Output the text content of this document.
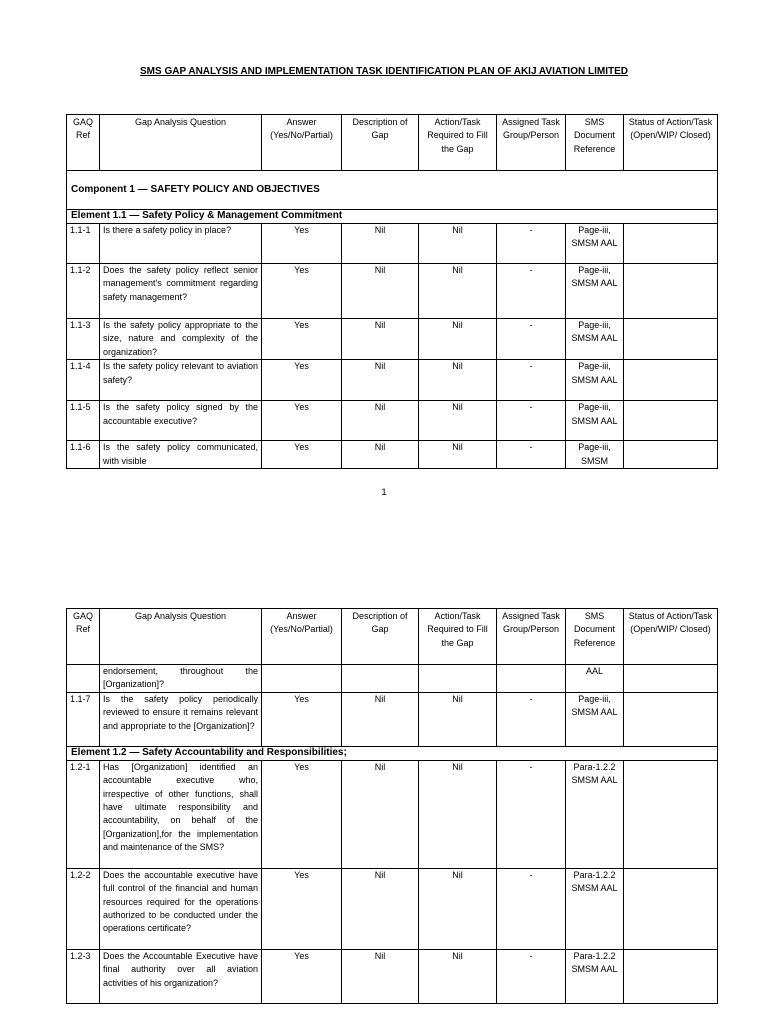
SMS GAP ANALYSIS AND IMPLEMENTATION TASK IDENTIFICATION PLAN OF AKIJ AVIATION LIMITED
GAQ Ref	Gap Analysis Question	Answer (Yes/No/Partial)	Description of Gap	Action/Task Required to Fill the Gap	Assigned Task Group/Person	SMS Document Reference	Status of Action/Task (Open/WIP/ Closed)
Component 1 — SAFETY POLICY AND OBJECTIVES							
Element 1.1 — Safety Policy & Management Commitment							
1.1-1	Is there a safety policy in place?	Yes	Nil	Nil	-	Page-iii, SMSM AAL	
1.1-2	Does the safety policy reflect senior management's commitment regarding safety management?	Yes	Nil	Nil	-	Page-iii, SMSM AAL	
1.1-3	Is the safety policy appropriate to the size, nature and complexity of the organization?	Yes	Nil	Nil	-	Page-iii, SMSM AAL	
1.1-4	Is the safety policy relevant to aviation safety?	Yes	Nil	Nil	-	Page-iii, SMSM AAL	
1.1-5	Is the safety policy signed by the accountable executive?	Yes	Nil	Nil	-	Page-iii, SMSM AAL	
1.1-6	Is the safety policy communicated, with visible	Yes	Nil	Nil	-	Page-iii, SMSM	
1
GAQ Ref	Gap Analysis Question	Answer (Yes/No/Partial)	Description of Gap	Action/Task Required to Fill the Gap	Assigned Task Group/Person	SMS Document Reference	Status of Action/Task (Open/WIP/ Closed)
	endorsement, throughout the [Organization]?					AAL	
1.1-7	Is the safety policy periodically reviewed to ensure it remains relevant and appropriate to the [Organization]?	Yes	Nil	Nil	-	Page-iii, SMSM AAL	
Element 1.2 — Safety Accountability and Responsibilities;							
1.2-1	Has [Organization] identified an accountable executive who, irrespective of other functions, shall have ultimate responsibility and accountability, on behalf of the [Organization],for the implementation and maintenance of the SMS?	Yes	Nil	Nil	-	Para-1.2.2 SMSM AAL	
1.2-2	Does the accountable executive have full control of the financial and human resources required for the operations authorized to be conducted under the operations certificate?	Yes	Nil	Nil	-	Para-1.2.2 SMSM AAL	
1.2-3	Does the Accountable Executive have final authority over all aviation activities of his organization?	Yes	Nil	Nil	-	Para-1.2.2 SMSM AAL	
